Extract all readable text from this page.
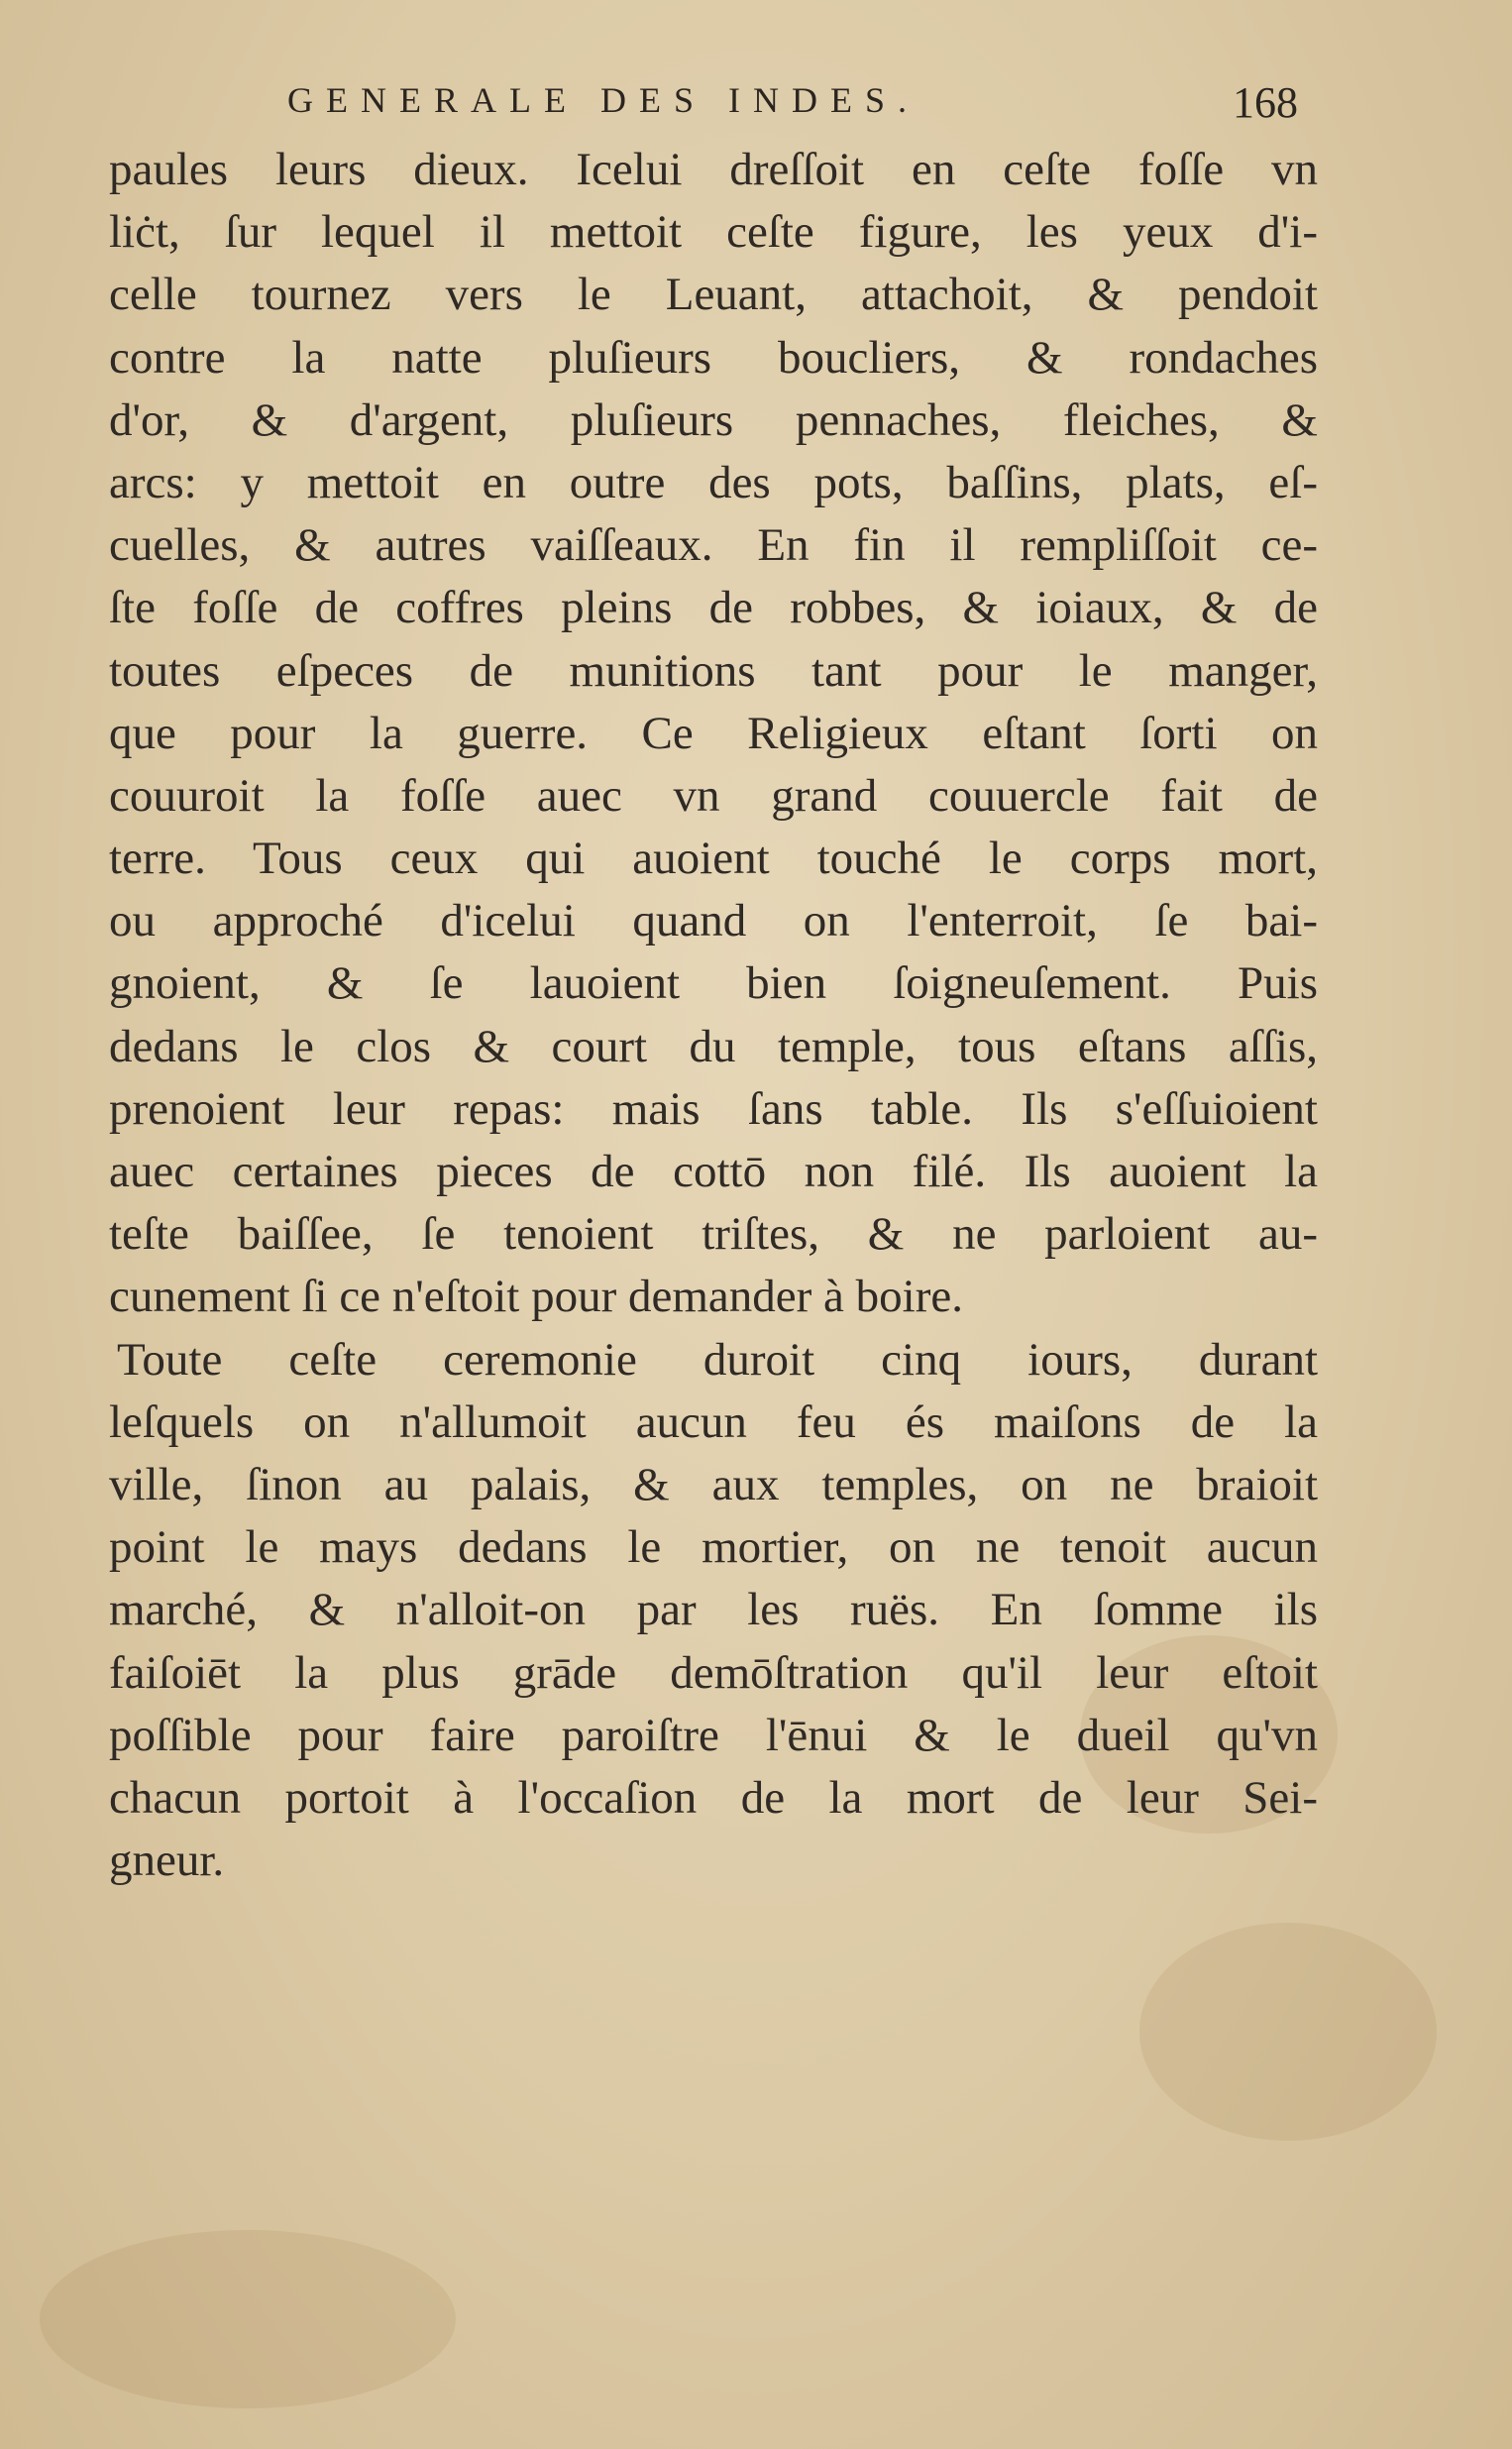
GENERALE DES INDES.	168
paules leurs dieux. Icelui dreſſoit en ceſte foſſe vn
liċt, ſur lequel il mettoit ceſte figure, les yeux d'i-
celle tournez vers le Leuant, attachoit, & pendoit
contre la natte pluſieurs boucliers, & rondaches
d'or, & d'argent, pluſieurs pennaches, fleiches, &
arcs: y mettoit en outre des pots, baſſins, plats, eſ-
cuelles, & autres vaiſſeaux. En fin il rempliſſoit ce-
ſte foſſe de coffres pleins de robbes, & ioiaux, & de
toutes eſpeces de munitions tant pour le manger,
que pour la guerre. Ce Religieux eſtant ſorti on
couuroit la foſſe auec vn grand couuercle fait de
terre. Tous ceux qui auoient touché le corps mort,
ou approché d'icelui quand on l'enterroit, ſe bai-
gnoient, & ſe lauoient bien ſoigneuſement. Puis
dedans le clos & court du temple, tous eſtans aſſis,
prenoient leur repas: mais ſans table. Ils s'eſſuioient
auec certaines pieces de cottō non filé. Ils auoient la
teſte baiſſee, ſe tenoient triſtes, & ne parloient au-
cunement ſi ce n'eſtoit pour demander à boire.
Toute ceſte ceremonie duroit cinq iours, durant
leſquels on n'allumoit aucun feu és maiſons de la
ville, ſinon au palais, & aux temples, on ne braioit
point le mays dedans le mortier, on ne tenoit aucun
marché, & n'alloit-on par les ruës. En ſomme ils
faiſoiēt la plus grāde demōſtration qu'il leur eſtoit
poſſible pour faire paroiſtre l'ēnui & le dueil qu'vn
chacun portoit à l'occaſion de la mort de leur Sei-
gneur.
